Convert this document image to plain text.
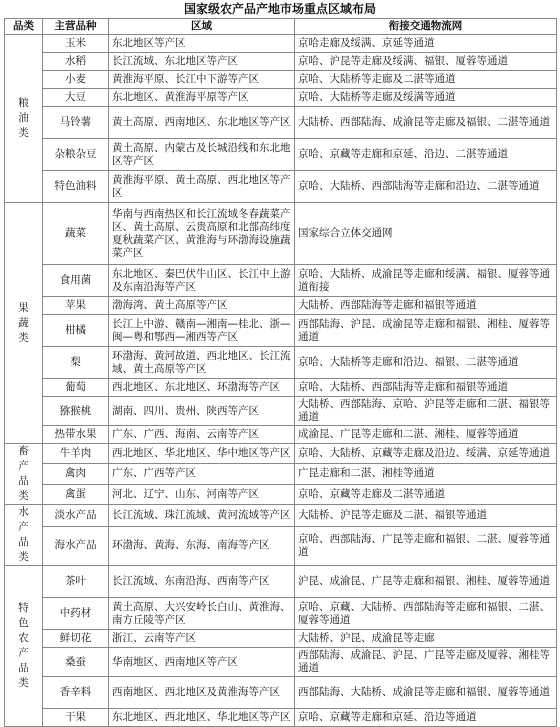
国家级农产品产地市场重点区域布局
品类	主营品种	区域	衔接交通物流网
粮油类	玉米	东北地区等产区	京哈走廊及绥满、京延等通道
	水稻	长江流域、东北地区等产区	京哈、沪昆等走廊及绥满、福银、厦蓉等通道
	小麦	黄淮海平原、长江中下游等产区	京哈、大陆桥等走廊及二湛等通道
	大豆	东北地区、黄淮海平原等产区	京哈、大陆桥等走廊及绥满等通道
	马铃薯	黄土高原、西南地区、东北地区等产区	大陆桥、西部陆海、成渝昆等走廊及福银、二湛等通道
	杂粮杂豆	黄土高原、内蒙古及长城沿线和东北地区等产区	京哈、京藏等走廊和京延、沿边、二湛等通道
	特色油料	黄淮海平原、黄土高原、西北地区等产区	京哈、大陆桥、西部陆海等走廊和沿边、二湛等通道
果蔬类	蔬菜	华南与西南热区和长江流域冬春蔬菜产区、黄土高原、云贵高原和北部高纬度夏秋蔬菜产区、黄淮海与环渤海设施蔬菜产区	国家综合立体交通网
	食用菌	东北地区、秦巴伏牛山区、长江中上游及东南沿海等产区	京哈、大陆桥、成渝昆等走廊和绥满、福银、厦蓉等通道衔接
	苹果	渤海湾、黄土高原等产区	大陆桥、西部陆海等走廊和福银等通道
	柑橘	长江上中游、赣南—湘南—桂北、浙—闽—粤和鄂西—湘西等产区	西部陆海、沪昆、成渝昆等走廊和福银、湘桂、厦蓉等通道
	梨	环渤海、黄河故道、西北地区、长江流域、黄土高原等产区	京哈、大陆桥等走廊和沿边、福银、二湛等通道
	葡萄	西北地区、东北地区、环渤海等产区	京哈、大陆桥、西部陆海等走廊和福银等通道
	猕猴桃	湖南、四川、贵州、陕西等产区	大陆桥、西部陆海、京哈、沪昆等走廊和二湛、福银等通道
	热带水果	广东、广西、海南、云南等产区	成渝昆、广昆等走廊和二湛、湘桂、厦蓉等通道
畜产品类	牛羊肉	西北地区、华北地区、华中地区等产区	京哈、大陆桥、京藏等走廊及沿边、绥满、京延等通道
	禽肉	广东、广西等产区	广昆走廊和二湛、湘桂等通道
	禽蛋	河北、辽宁、山东、河南等产区	京哈、京藏等走廊及二湛等通道
水产品类	淡水产品	长江流域、珠江流域、黄河流域等产区	大陆桥、沪昆等走廊及二湛、福银等通道
	海水产品	环渤海、黄海、东海、南海等产区	京哈、西部陆海、广昆等走廊和福银、二湛、厦蓉等通道
特色农产品类	茶叶	长江流域、东南沿海、西南等产区	沪昆、成渝昆、广昆等走廊和福银、湘桂、厦蓉等通道
	中药材	黄土高原、大兴安岭长白山、黄淮海、南方丘陵等产区	京哈、京藏、大陆桥、西部陆海等走廊和福银、二湛、厦蓉等通道
	鲜切花	浙江、云南等产区	大陆桥、沪昆、成渝昆等走廊
	桑蚕	华南地区、西南地区等产区	西部陆海、成渝昆、沪昆、广昆等走廊及厦蓉、湘桂等通道
	香辛料	西南地区、西北地区及黄淮海等产区	西部陆海、大陆桥、成渝昆等走廊和福银、厦蓉等通道
	干果	东北地区、西北地区、华北地区等产区	京哈、京藏等走廊和京延、沿边等通道
